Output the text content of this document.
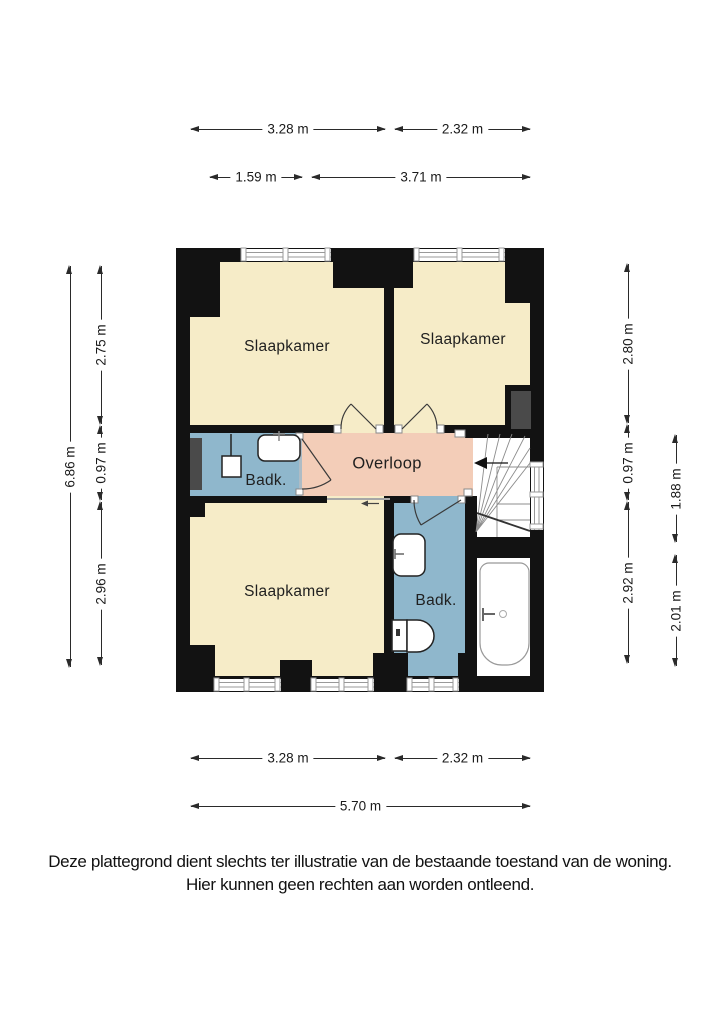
Slaapkamer	Slaapkamer
Slaapkamer
Badk.
Badk.
Overloop
3.28 m	2.32 m
1.59 m	3.71 m
6.86 m
2.75 m
0.97 m
2.96 m
2.80 m
0.97 m
2.92 m
1.88 m
2.01 m
3.28 m	2.32 m
5.70 m
Deze plattegrond dient slechts ter illustratie van de bestaande toestand van de woning.
Hier kunnen geen rechten aan worden ontleend.
